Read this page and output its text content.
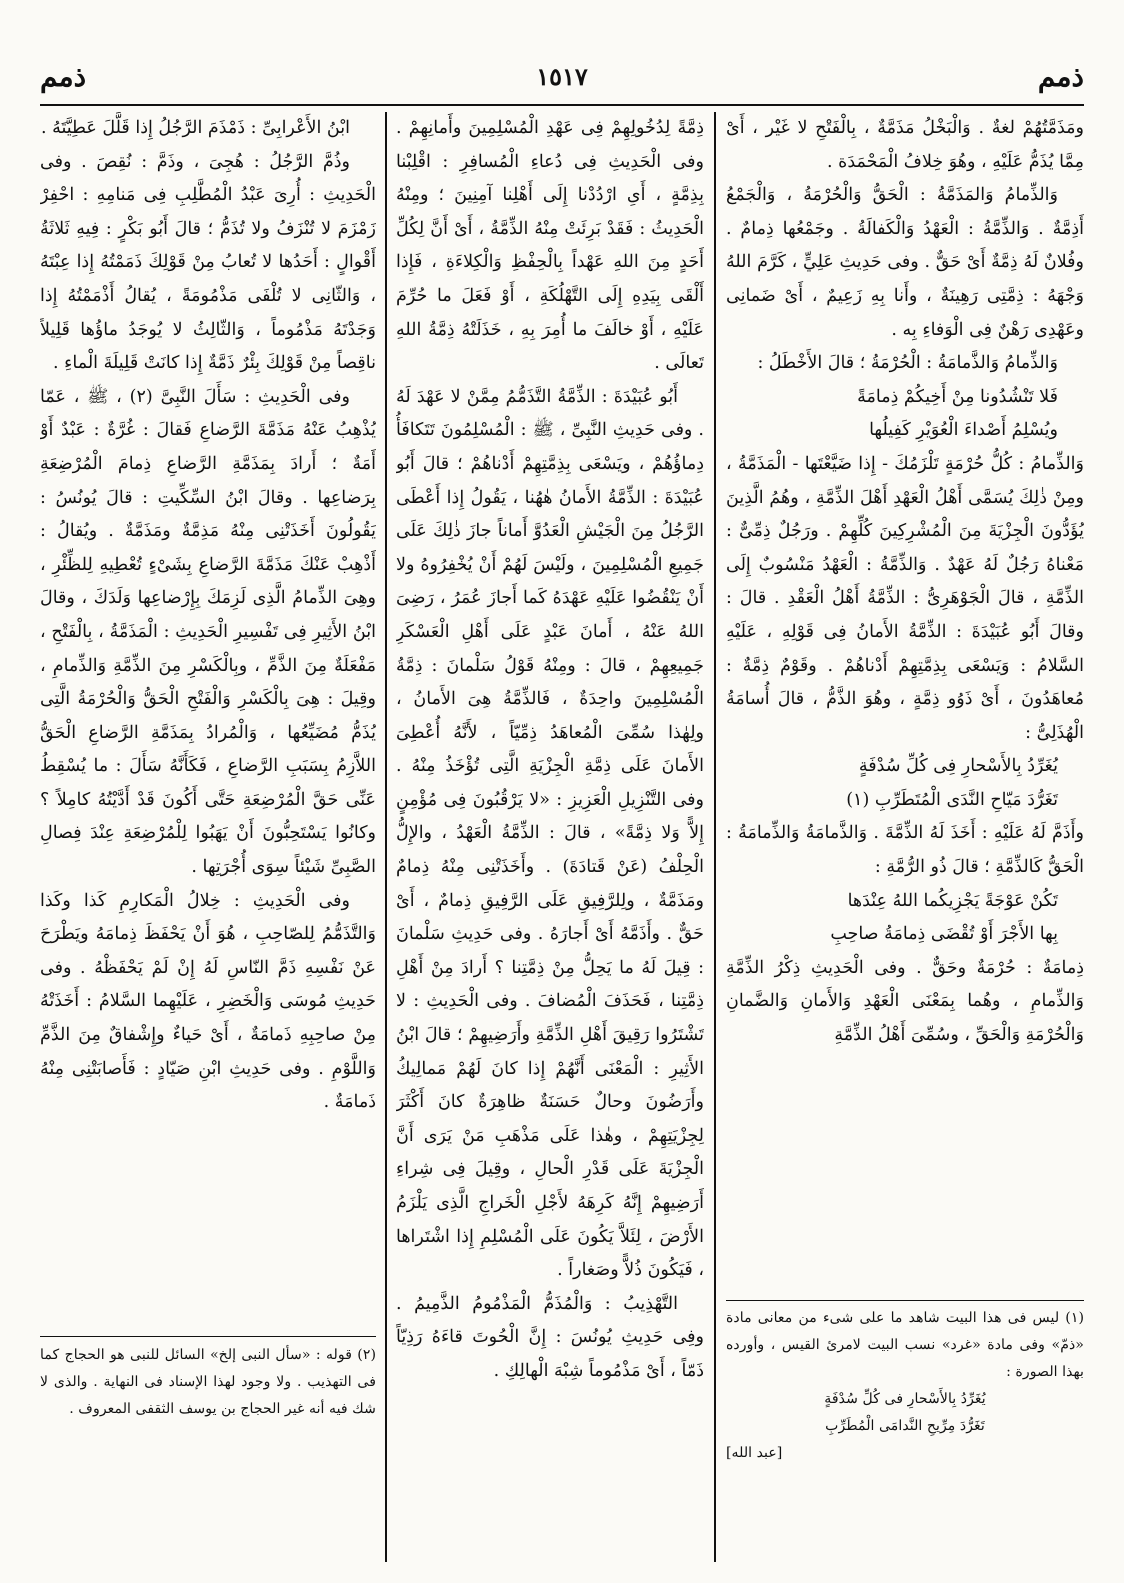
ذمم
١٥١٧
ذمم

ومَذَمَّتُهُمْ لغةٌ . وَالْبَخْلُ مَذَمَّةٌ ، بِالْفَتْحِ لا غَيْر ، أَىْ مِمَّا يُذَمُّ عَلَيْهِ ، وهُوَ خِلافُ الْمَحْمَدَة .

وَالذِّمامُ وَالمَذَمَّةُ : الْحَقُّ وَالْحُرْمَةُ ، وَالْجَمْعُ أَذِمَّةٌ . وَالذِّمَّةُ : الْعَهْدُ وَالْكَفالَةُ . وجَمْعُها ذِمامٌ . وفُلانٌ لَهُ ذِمَّةٌ أَىْ حَقٌّ . وفى حَدِيثِ عَلِيٍّ ، كَرَّمَ اللهُ وَجْهَهُ : ذِمَّتِى رَهِينَةٌ ، وأَنا بِهِ زَعِيمٌ ، أَىْ ضَمانِى وعَهْدِى رَهْنٌ فِى الْوَفاءِ بِه .

وَالذِّمامُ وَالذَّمامَةُ : الْحُرْمَةُ ؛ قالَ الأَخْطَلُ :

فَلا تَنْشُدُونا مِنْ أَخِيكُمْ ذِمامَةً

ويُسْلِمُ أَصْداءَ الْعُوَيْرِ كَفِيلُها

وَالذِّمامُ : كُلُّ حُرْمَةٍ تَلْزَمُكَ - إِذا ضَيَّعْتَها - الْمَذَمَّةُ ، ومِنْ ذٰلِكَ يُسَمَّى أَهْلُ الْعَهْدِ أَهْلَ الذِّمَّةِ ، وهُمُ الَّذِينَ يُؤَدُّونَ الْجِزْيَةَ مِنَ الْمُشْرِكِينَ كُلِّهِمْ . ورَجُلٌ ذِمِّىٌّ : مَعْناهُ رَجُلٌ لَهُ عَهْدٌ . وَالذِّمَّةُ : الْعَهْدُ مَنْسُوبٌ إِلَى الذِّمَّةِ ، قالَ الْجَوْهَرِىُّ : الذِّمَّةُ أَهْلُ الْعَقْدِ . قالَ : وقالَ أَبُو عُبَيْدَةَ : الذِّمَّةُ الأَمانُ فِى قَوْلِهِ ، عَلَيْهِ السَّلامُ : وَيَسْعَى بِذِمَّتِهِمْ أَدْناهُمْ . وقَوْمٌ ذِمَّةٌ : مُعاهَدُونَ ، أَىْ ذَوُو ذِمَّةٍ ، وهُوَ الذَّمُّ ، قالَ أُسامَةُ الْهُذَلِىُّ :

يُغَرِّدُ بِالأَسْحارِ فِى كُلِّ سُدْفَةٍ

تَغَرُّدَ مَيّاحِ النَّدَى الْمُتَطَرِّبِ (١)

وأَذَمَّ لَهُ عَلَيْهِ : أَخَذَ لَهُ الذِّمَّةَ . وَالذَّمامَةُ وَالذِّمامَةُ : الْحَقُّ كَالذِّمَّةِ ؛ قالَ ذُو الرُّمَّةِ :

تَكُنْ عَوْجَةً يَجْزِيكُما اللهُ عِنْدَها

بِها الأَجْرَ أَوْ تُقْضَى ذِمامَةُ صاحِبِ

ذِمامَةٌ : حُرْمَةٌ وحَقٌّ . وفى الْحَدِيثِ ذِكْرُ الذِّمَّةِ وَالذِّمامِ ، وهُما بِمَعْنَى الْعَهْدِ وَالأَمانِ وَالضَّمانِ وَالْحُرْمَةِ وَالْحَقِّ ، وسُمِّىَ أَهْلُ الذِّمَّةِ

(١) ليس فى هذا البيت شاهد ما على شىء من معانى مادة «ذمّ» وفى مادة «غرد» نسب البيت لامرئ القيس ، وأورده بهذا الصورة :

يُغَرِّدُ بِالأَسْحارِ فى كُلِّ سُدْفَةٍ

تَغَرُّدَ مِرِّيحِ النَّدامَى الْمُطَرِّبِ

[عبد الله]

ذِمَّةً لِدُخُولِهِمْ فِى عَهْدِ الْمُسْلِمِينَ وأَمانِهِمْ . وفى الْحَدِيثِ فِى دُعاءِ الْمُسافِرِ : اقْلِبْنا بِذِمَّةٍ ، أَىِ ارْدُدْنا إِلَى أَهْلِنا آمِنِينَ ؛ ومِنْهُ الْحَدِيثُ : فَقَدْ بَرِئَتْ مِنْهُ الذِّمَّةُ ، أَىْ أَنَّ لِكُلِّ أَحَدٍ مِنَ اللهِ عَهْداً بِالْحِفْظِ وَالْكِلاءَةِ ، فَإِذا أَلْقَى بِيَدِهِ إِلَى التَّهْلُكَةِ ، أَوْ فَعَلَ ما حُرِّمَ عَلَيْهِ ، أَوْ خالَفَ ما أُمِرَ بِهِ ، خَذَلَتْهُ ذِمَّةُ اللهِ تَعالَى .

أَبُو عُبَيْدَةَ : الذِّمَّةُ التَّذَمُّمُ مِمَّنْ لا عَهْدَ لَهُ . وفى حَدِيثِ النَّبِىِّ ، ﷺ : الْمُسْلِمُونَ تَتَكافَأُ دِماؤُهُمْ ، ويَسْعَى بِذِمَّتِهِمْ أَدْناهُمْ ؛ قالَ أَبُو عُبَيْدَةَ : الذِّمَّةُ الأَمانُ هٰهُنا ، يَقُولُ إِذا أَعْطَى الرَّجُلُ مِنَ الْجَيْشِ الْعَدُوَّ أَماناً جازَ ذٰلِكَ عَلَى جَمِيعِ الْمُسْلِمِينَ ، ولَيْسَ لَهُمْ أَنْ يُخْفِرُوهُ ولا أَنْ يَنْقُضُوا عَلَيْهِ عَهْدَهُ كَما أَجازَ عُمَرُ ، رَضِىَ اللهُ عَنْهُ ، أَمانَ عَبْدٍ عَلَى أَهْلِ الْعَسْكَرِ جَمِيعِهِمْ ، قالَ : ومِنْهُ قَوْلُ سَلْمانَ : ذِمَّةُ الْمُسْلِمِينَ واحِدَةٌ ، فَالذِّمَّةُ هِىَ الأَمانُ ، ولِهٰذا سُمِّىَ الْمُعاهَدُ ذِمِّيّاً ، لأَنَّهُ أُعْطِىَ الأَمانَ عَلَى ذِمَّةِ الْجِزْيَةِ الَّتِى تُؤْخَذُ مِنْهُ . وفى التَّنْزِيلِ الْعَزِيزِ : «لا يَرْقُبُونَ فِى مُؤْمِنٍ إِلاًّ وَلا ذِمَّةً» ، قالَ : الذِّمَّةُ الْعَهْدُ ، والإِلُّ الْحِلْفُ (عَنْ قَتادَةَ) . وأَخَذَتْنِى مِنْهُ ذِمامٌ ومَذَمَّةٌ ، ولِلرَّفِيقِ عَلَى الرَّفِيقِ ذِمامٌ ، أَىْ حَقٌّ . وأَذَمَّهُ أَىْ أَجارَهُ . وفى حَدِيثِ سَلْمانَ : قِيلَ لَهُ ما يَحِلُّ مِنْ ذِمَّتِنا ؟ أَرادَ مِنْ أَهْلِ ذِمَّتِنا ، فَحَذَفَ الْمُضافَ . وفى الْحَدِيثِ : لا تَشْتَرُوا رَقِيقَ أَهْلِ الذِّمَّةِ وأَرَضِيهِمْ ؛ قالَ ابْنُ الأَثِيرِ : الْمَعْنَى أَنَّهُمْ إِذا كانَ لَهُمْ مَمالِيكُ وأَرَضُونَ وحالٌ حَسَنَةٌ ظاهِرَةٌ كانَ أَكْثَرَ لِجِزْيَتِهِمْ ، وهٰذا عَلَى مَذْهَبِ مَنْ يَرَى أَنَّ الْجِزْيَةَ عَلَى قَدْرِ الْحالِ ، وقِيلَ فِى شِراءِ أَرَضِيهِمْ إِنَّهُ كَرِهَهُ لأَجْلِ الْخَراجِ الَّذِى يَلْزَمُ الأَرْضَ ، لِئَلاَّ يَكُونَ عَلَى الْمُسْلِمِ إِذا اشْتَراها ، فَيَكُونَ ذُلاًّ وصَغاراً .

التَّهْذِيبُ : وَالْمُذَمُّ الْمَذْمُومُ الذَّمِيمُ . وفِى حَدِيثِ يُونُسَ : إِنَّ الْحُوتَ قاءَهُ رَذِيّاً ذَمّاً ، أَىْ مَذْمُوماً شِبْهَ الْهالِكِ .

ابْنُ الأَعْرابِىِّ : ذَمْذَمَ الرَّجُلُ إِذا قَلَّلَ عَطِيَّتَهُ .

وذُمَّ الرَّجُلُ : هُجِىَ ، وذَمَّ : نُقِصَ . وفى الْحَدِيثِ : أُرِىَ عَبْدُ الْمُطَّلِبِ فِى مَنامِهِ : احْفِرْ زَمْزَمَ لا تُنْزَفُ ولا تُذَمُّ ؛ قالَ أَبُو بَكْرٍ : فِيهِ ثَلاثَةُ أَقْوالٍ : أَحَدُها لا تُعابُ مِنْ قَوْلِكَ ذَمَمْتُهُ إِذا عِبْتَهُ ، وَالثّانِى لا تُلْفَى مَذْمُومَةً ، يُقالُ أَذْمَمْتُهُ إِذا وَجَدْتَهُ مَذْمُوماً ، وَالثّالِثُ لا يُوجَدُ ماؤُها قَلِيلاً ناقِصاً مِنْ قَوْلِكَ بِئْرٌ ذَمَّةٌ إِذا كانَتْ قَلِيلَةَ الْماءِ .

وفى الْحَدِيثِ : سَأَلَ النَّبِىَّ (٢) ، ﷺ ، عَمّا يُذْهِبُ عَنْهُ مَذَمَّةَ الرَّضاعِ فَقالَ : غُرَّةٌ : عَبْدٌ أَوْ أَمَةٌ ؛ أَرادَ بِمَذَمَّةِ الرَّضاعِ ذِمامَ الْمُرْضِعَةِ بِرَضاعِها . وقالَ ابْنُ السِّكِّيتِ : قالَ يُونُسُ : يَقُولُونَ أَخَذَتْنِى مِنْهُ مَذِمَّةٌ ومَذَمَّةٌ . ويُقالُ : أَذْهِبْ عَنْكَ مَذَمَّةَ الرَّضاعِ بِشَىْءٍ تُعْطِيهِ لِلظِّئْرِ ، وهِىَ الذِّمامُ الَّذِى لَزِمَكَ بِإِرْضاعِها وَلَدَكَ ، وقالَ ابْنُ الأَثِيرِ فِى تَفْسِيرِ الْحَدِيثِ : الْمَذَمَّةُ ، بِالْفَتْحِ ، مَفْعَلَةٌ مِنَ الذَّمِّ ، وبِالْكَسْرِ مِنَ الذِّمَّةِ وَالذِّمامِ ، وقِيلَ : هِىَ بِالْكَسْرِ وَالْفَتْحِ الْحَقُّ وَالْحُرْمَةُ الَّتِى يُذَمُّ مُضَيِّعُها ، وَالْمُرادُ بِمَذَمَّةِ الرَّضاعِ الْحَقُّ اللاَّزِمُ بِسَبَبِ الرَّضاعِ ، فَكَأَنَّهُ سَأَلَ : ما يُسْقِطُ عَنِّى حَقَّ الْمُرْضِعَةِ حَتَّى أَكُونَ قَدْ أَدَّيْتُهُ كامِلاً ؟ وكانُوا يَسْتَحِبُّونَ أَنْ يَهَبُوا لِلْمُرْضِعَةِ عِنْدَ فِصالِ الصَّبِىِّ شَيْئاً سِوَى أُجْرَتِها .

وفى الْحَدِيثِ : خِلالُ الْمَكارِمِ كَذا وكَذا وَالتَّذَمُّمُ لِلصّاحِبِ ، هُوَ أَنْ يَحْفَظَ ذِمامَهُ ويَطْرَحَ عَنْ نَفْسِهِ ذَمَّ النّاسِ لَهُ إِنْ لَمْ يَحْفَظْهُ . وفى حَدِيثِ مُوسَى وَالْخَضِرِ ، عَلَيْهِما السَّلامُ : أَخَذَتْهُ مِنْ صاحِبِهِ ذَمامَةٌ ، أَىْ حَياءٌ وإِشْفاقٌ مِنَ الذَّمِّ وَاللَّوْمِ . وفى حَدِيثِ ابْنِ صَيّادٍ : فَأَصابَتْنِى مِنْهُ ذَمامَةٌ .

(٢) قوله : «سأل النبى إلخ» السائل للنبى هو الحجاج كما فى التهذيب . ولا وجود لهذا الإسناد فى النهاية . والذى لا شك فيه أنه غير الحجاج بن يوسف الثقفى المعروف .
